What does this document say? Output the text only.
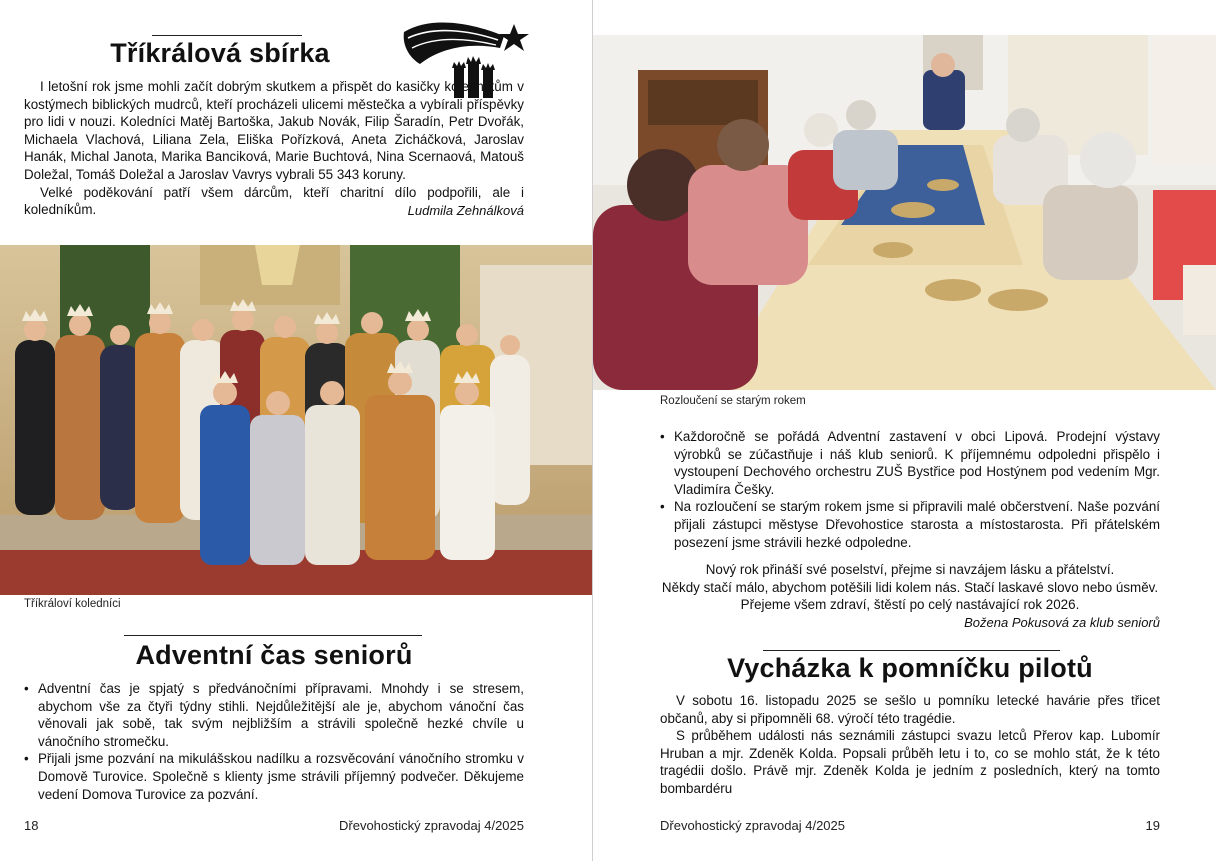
Tříkrálová sbírka

I letošní rok jsme mohli začít dobrým skutkem a přispět do kasičky koledníkům v kostýmech biblických mudrců, kteří procházeli ulicemi městečka a vybírali příspěvky pro lidi v nouzi. Koledníci Matěj Bartoška, Jakub Novák, Filip Šaradín, Petr Dvořák, Michaela Vlachová, Liliana Zela, Eliška Pořízková, Aneta Zicháčková, Jaroslav Hanák, Michal Janota, Marika Banciková, Marie Buchtová, Nina Scernaová, Matouš Doležal, Tomáš Doležal a Jaroslav Vavrys vybrali 55 343 koruny.

Velké poděkování patří všem dárcům, kteří charitní dílo podpořili, ale i koledníkům.	Ludmila Zehnálková
Tříkráloví koledníci
Adventní čas seniorů
• Adventní čas je spjatý s předvánočními přípravami. Mnohdy i se stresem, abychom vše za čtyři týdny stihli. Nejdůležitější ale je, abychom vánoční čas věnovali jak sobě, tak svým nejbližším a strávili společně hezké chvíle u vánočního stromečku.
• Přijali jsme pozvání na mikulášskou nadílku a rozsvěcování vánočního stromku v Domově Turovice. Společně s klienty jsme strávili příjemný podvečer. Děkujeme vedení Domova Turovice za pozvání.
18	Dřevohostický zpravodaj 4/2025
Rozloučení se starým rokem
• Každoročně se pořádá Adventní zastavení v obci Lipová. Prodejní výstavy výrobků se zúčastňuje i náš klub seniorů. K příjemnému odpoledni přispělo i vystoupení Dechového orchestru ZUŠ Bystřice pod Hostýnem pod vedením Mgr. Vladimíra Češky.
• Na rozloučení se starým rokem jsme si připravili malé občerstvení. Naše pozvání přijali zástupci městyse Dřevohostice starosta a místostarosta. Při přátelském posezení jsme strávili hezké odpoledne.

Nový rok přináší své poselství, přejme si navzájem lásku a přátelství.

Někdy stačí málo, abychom potěšili lidi kolem nás. Stačí laskavé slovo nebo úsměv.

Přejeme všem zdraví, štěstí po celý nastávající rok 2026.

Božena Pokusová za klub seniorů
Vycházka k pomníčku pilotů

V sobotu 16. listopadu 2025 se sešlo u pomníku letecké havárie přes třicet občanů, aby si připomněli 68. výročí této tragédie.

S průběhem události nás seznámili zástupci svazu letců Přerov kap. Lubomír Hruban a mjr. Zdeněk Kolda. Popsali průběh letu i to, co se mohlo stát, že k této tragédii došlo. Právě mjr. Zdeněk Kolda je jedním z posledních, který na tomto bombardéru

Dřevohostický zpravodaj 4/2025	19
